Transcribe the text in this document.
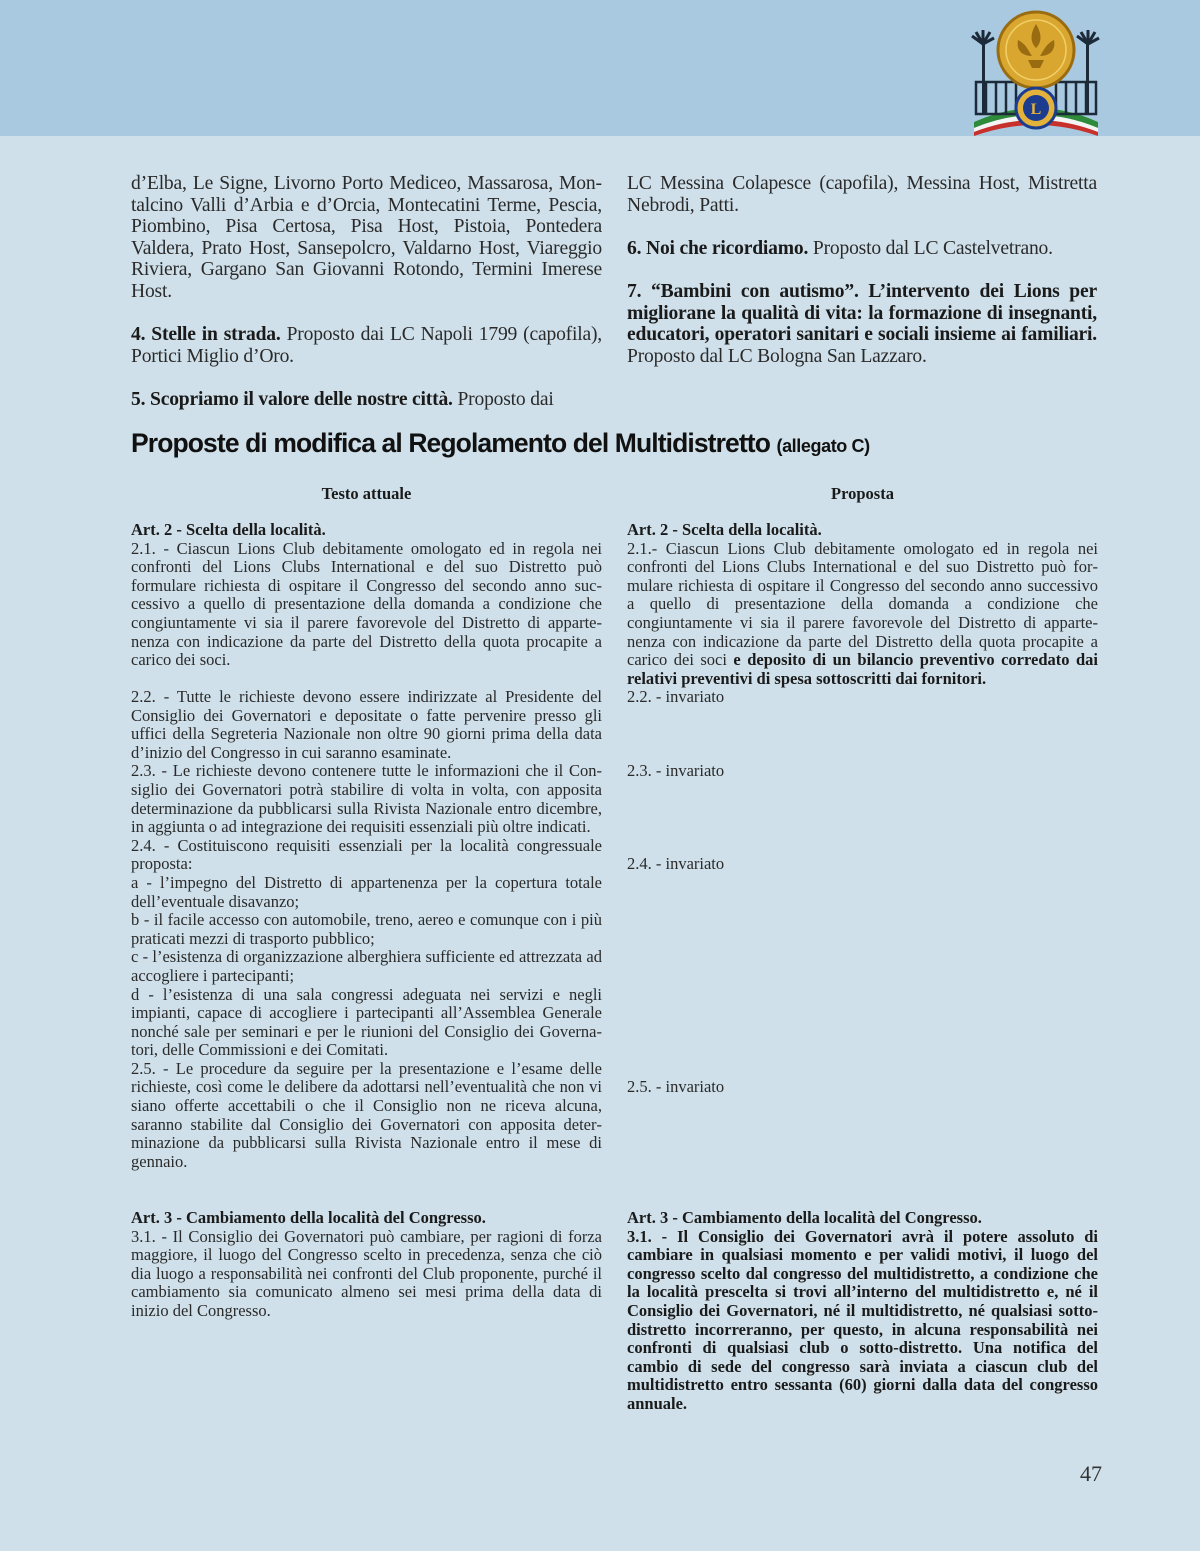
L

d’Elba, Le Signe, Livorno Porto Mediceo, Massarosa, Montalcino Valli d’Arbia e d’Orcia, Montecatini Terme, Pescia, Piombino, Pisa Certosa, Pisa Host, Pistoia, Pontedera Valdera, Prato Host, Sansepolcro, Valdarno Host, Viareggio Riviera, Gargano San Giovanni Rotondo, Termini Imerese Host.

4. Stelle in strada. Proposto dai LC Napoli 1799 (capofila), Portici Miglio d’Oro.

5. Scopriamo il valore delle nostre città. Proposto dai

LC Messina Colapesce (capofila), Messina Host, Mistretta Nebrodi, Patti.

6. Noi che ricordiamo. Proposto dal LC Castelvetrano.

7. “Bambini con autismo”. L’intervento dei Lions per migliorane la qualità di vita: la formazione di insegnanti, educatori, operatori sanitari e sociali insieme ai familiari. Proposto dal LC Bologna San Lazzaro.

Proposte di modifica al Regolamento del Multidistretto (allegato C)
Testo attuale	Proposta

Art. 2 - Scelta della località.

2.1. - Ciascun Lions Club debitamente omologato ed in regola nei confronti del Lions Clubs International e del suo Distretto può formulare richiesta di ospitare il Congresso del secondo anno successivo a quello di presentazione della domanda a condizione che congiuntamente vi sia il parere favorevole del Distretto di appartenenza con indicazione da parte del Distretto della quota procapite a carico dei soci.

2.2. - Tutte le richieste devono essere indirizzate al Presidente del Consiglio dei Governatori e depositate o fatte pervenire presso gli uffici della Segreteria Nazionale non oltre 90 giorni prima della data d’inizio del Congresso in cui saranno esaminate.

2.3. - Le richieste devono contenere tutte le informazioni che il Consiglio dei Governatori potrà stabilire di volta in volta, con apposita determinazione da pubblicarsi sulla Rivista Nazionale entro dicembre, in aggiunta o ad integrazione dei requisiti essenziali più oltre indicati.

2.4. - Costituiscono requisiti essenziali per la località congressuale proposta:

a - l’impegno del Distretto di appartenenza per la copertura totale dell’eventuale disavanzo;

b - il facile accesso con automobile, treno, aereo e comunque con i più praticati mezzi di trasporto pubblico;

c - l’esistenza di organizzazione alberghiera sufficiente ed attrezzata ad accogliere i partecipanti;

d - l’esistenza di una sala congressi adeguata nei servizi e negli impianti, capace di accogliere i partecipanti all’Assemblea Generale nonché sale per seminari e per le riunioni del Consiglio dei Governatori, delle Commissioni e dei Comitati.

2.5. - Le procedure da seguire per la presentazione e l’esame delle richieste, così come le delibere da adottarsi nell’eventualità che non vi siano offerte accettabili o che il Consiglio non ne riceva alcuna, saranno stabilite dal Consiglio dei Governatori con apposita determinazione da pubblicarsi sulla Rivista Nazionale entro il mese di gennaio.

Art. 3 - Cambiamento della località del Congresso.

3.1. - Il Consiglio dei Governatori può cambiare, per ragioni di forza maggiore, il luogo del Congresso scelto in precedenza, senza che ciò dia luogo a responsabilità nei confronti del Club proponente, purché il cambiamento sia comunicato almeno sei mesi prima della data di inizio del Congresso.

Art. 2 - Scelta della località.

2.1.- Ciascun Lions Club debitamente omologato ed in regola nei confronti del Lions Clubs International e del suo Distretto può formulare richiesta di ospitare il Congresso del secondo anno successivo a quello di presentazione della domanda a condizione che congiuntamente vi sia il parere favorevole del Distretto di appartenenza con indicazione da parte del Distretto della quota procapite a carico dei soci e deposito di un bilancio preventivo corredato dai relativi preventivi di spesa sottoscritti dai fornitori.

2.2. - invariato

2.3. - invariato

2.4. - invariato

2.5. - invariato

Art. 3 - Cambiamento della località del Congresso.

3.1. - Il Consiglio dei Governatori avrà il potere assoluto di cambiare in qualsiasi momento e per validi motivi, il luogo del congresso scelto dal congresso del multidistretto, a condizione che la località prescelta si trovi all’interno del multidistretto e, né il Consiglio dei Governatori, né il multidistretto, né qualsiasi sotto-distretto incorreranno, per questo, in alcuna responsabilità nei confronti di qualsiasi club o sotto-distretto. Una notifica del cambio di sede del congresso sarà inviata a ciascun club del multidistretto entro sessanta (60) giorni dalla data del congresso annuale.

47
